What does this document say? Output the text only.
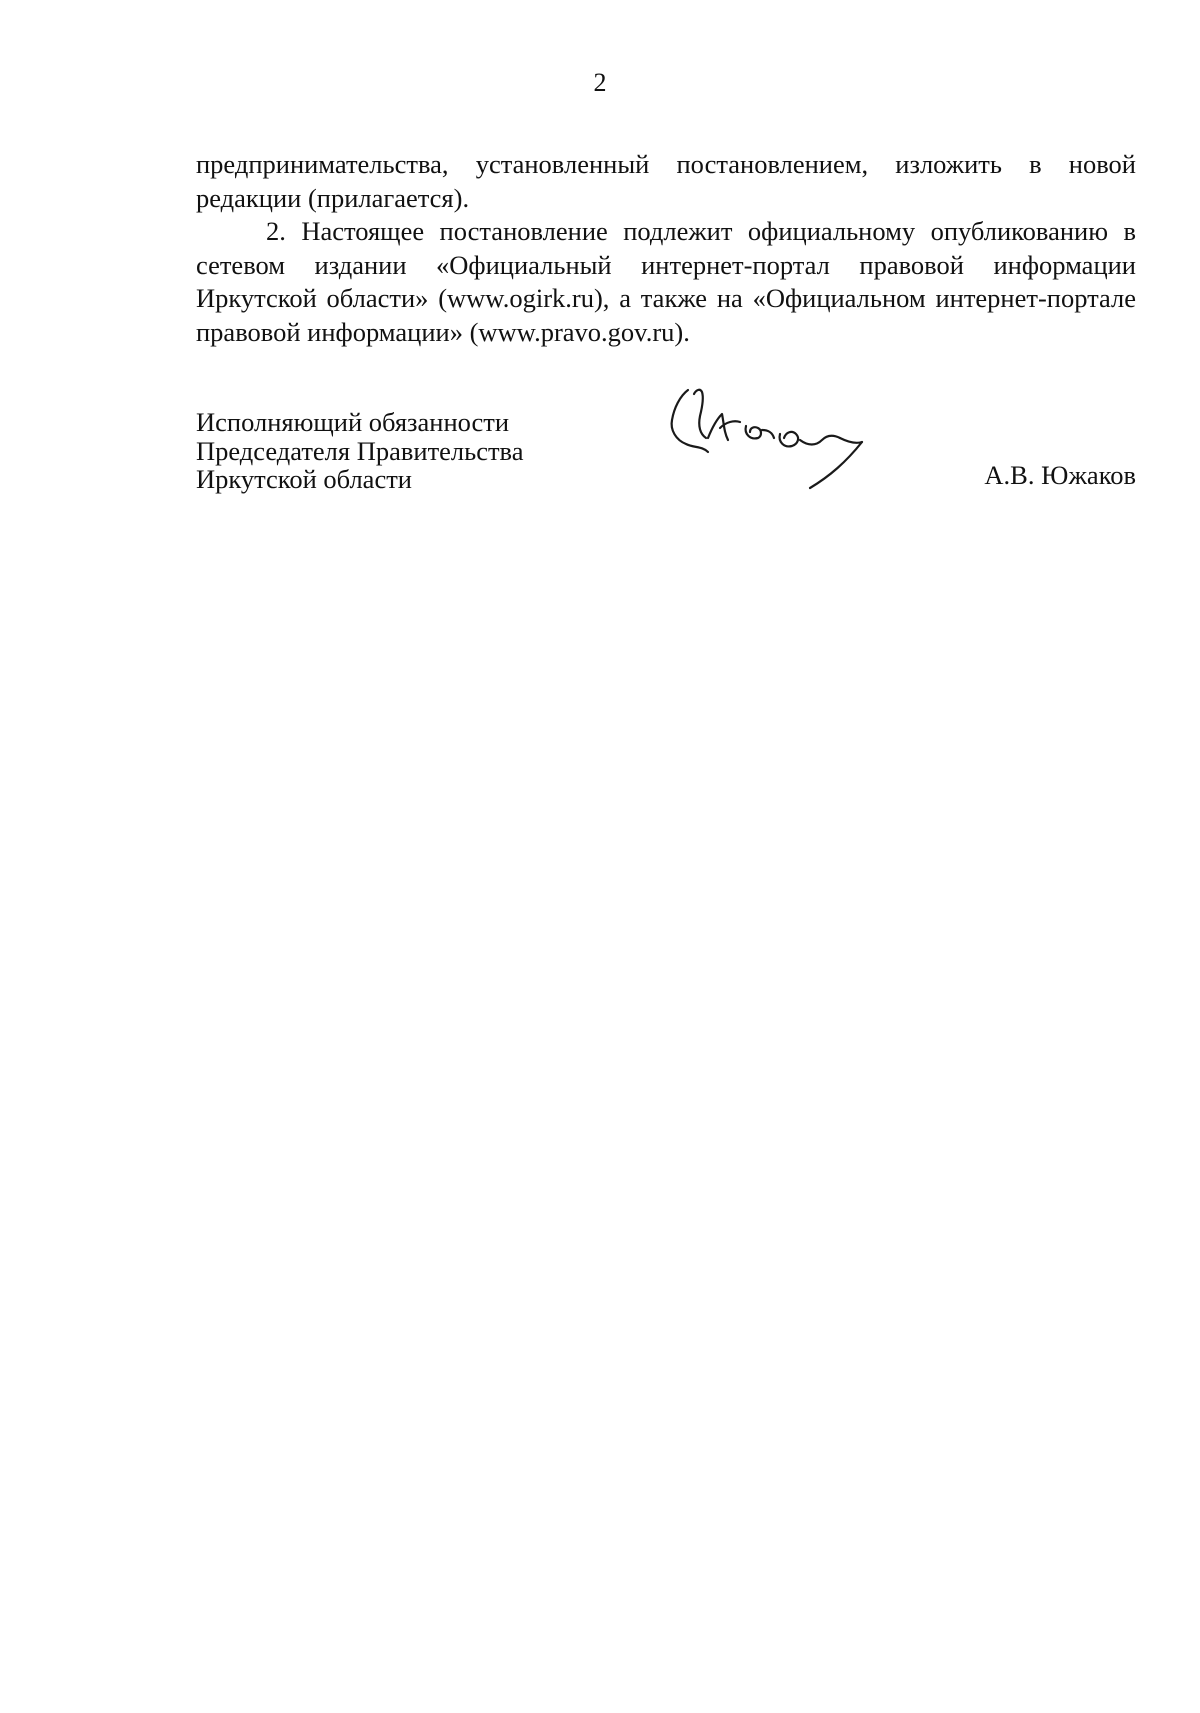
2

предпринимательства, установленный постановлением, изложить в новой редакции (прилагается).

2. Настоящее постановление подлежит официальному опубликованию в сетевом издании «Официальный интернет-портал правовой информации Иркутской области» (www.ogirk.ru), а также на «Официальном интернет-портале правовой информации» (www.pravo.gov.ru).

Исполняющий обязанности
Председателя Правительства
Иркутской области	А.В. Южаков
